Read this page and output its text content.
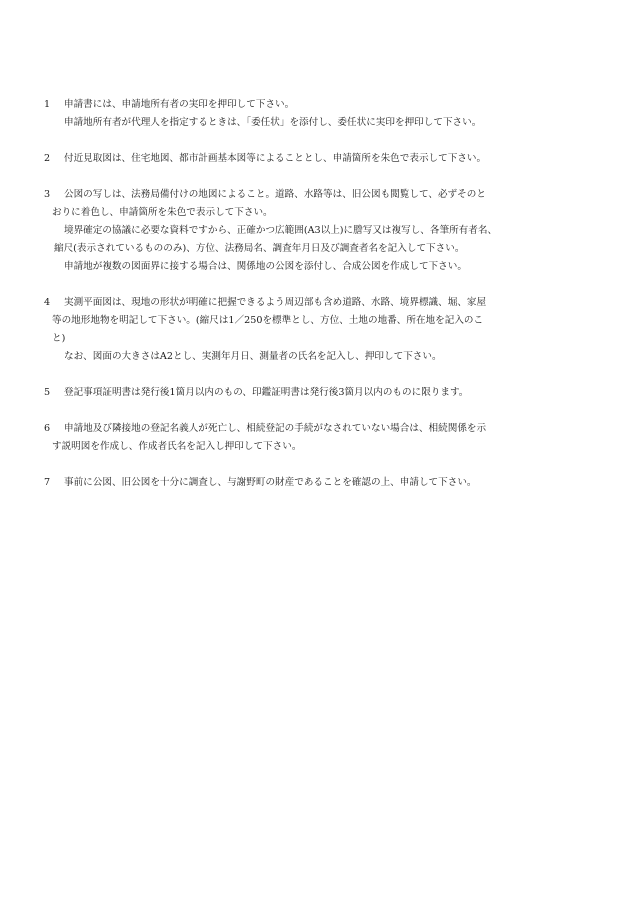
1 申請書には、申請地所有者の実印を押印して下さい。
申請地所有者が代理人を指定するときは、「委任状」を添付し、委任状に実印を押印して下さい。
2 付近見取図は、住宅地図、都市計画基本図等によることとし、申請箇所を朱色で表示して下さい。
3 公図の写しは、法務局備付けの地図によること。道路、水路等は、旧公図も閲覧して、必ずそのと
おりに着色し、申請箇所を朱色で表示して下さい。
境界確定の協議に必要な資料ですから、正確かつ広範囲(A3以上)に謄写又は複写し、各筆所有者名、
縮尺(表示されているもののみ)、方位、法務局名、調査年月日及び調査者名を記入して下さい。
申請地が複数の図面界に接する場合は、関係地の公図を添付し、合成公図を作成して下さい。
4 実測平面図は、現地の形状が明確に把握できるよう周辺部も含め道路、水路、境界標識、堀、家屋
等の地形地物を明記して下さい。(縮尺は1／250を標準とし、方位、土地の地番、所在地を記入のこ
と)
なお、図面の大きさはA2とし、実測年月日、測量者の氏名を記入し、押印して下さい。
5 登記事項証明書は発行後1箇月以内のもの、印鑑証明書は発行後3箇月以内のものに限ります。
6 申請地及び隣接地の登記名義人が死亡し、相続登記の手続がなされていない場合は、相続関係を示
す説明図を作成し、作成者氏名を記入し押印して下さい。
7 事前に公図、旧公図を十分に調査し、与謝野町の財産であることを確認の上、申請して下さい。
